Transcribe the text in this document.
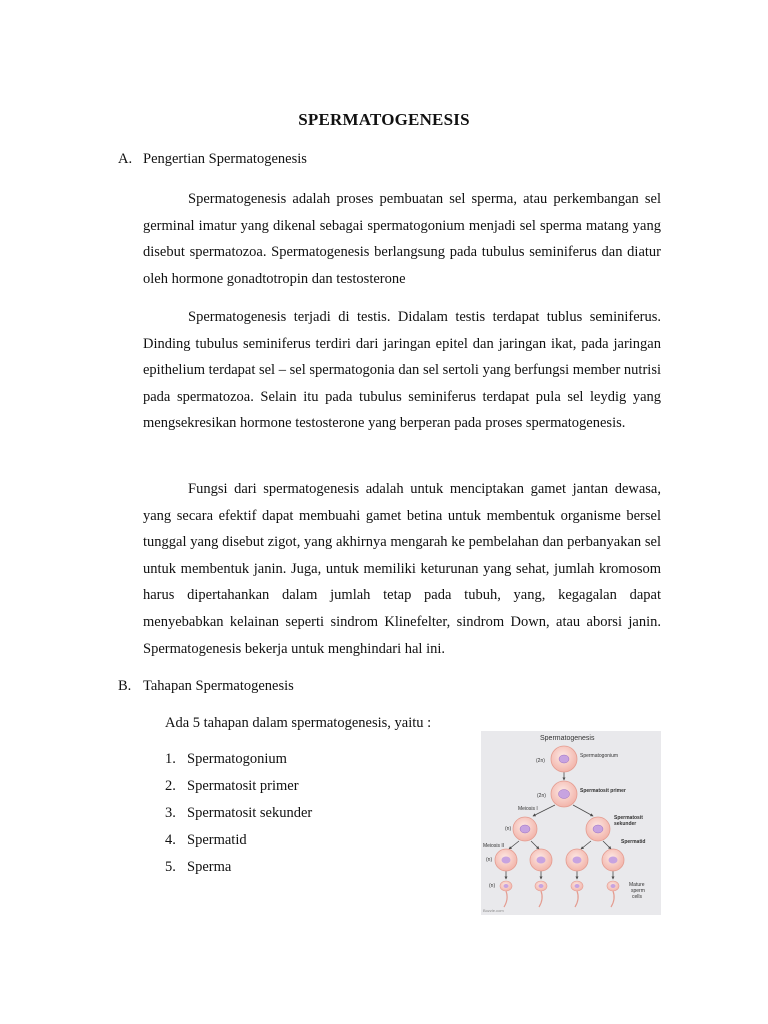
SPERMATOGENESIS
A. Pengertian Spermatogenesis

Spermatogenesis adalah proses pembuatan sel sperma, atau perkembangan sel germinal imatur yang dikenal sebagai spermatogonium menjadi sel sperma matang yang disebut spermatozoa. Spermatogenesis berlangsung pada tubulus seminiferus dan diatur oleh hormone gonadtotropin dan testosterone

Spermatogenesis terjadi di testis. Didalam testis terdapat tublus seminiferus. Dinding tubulus seminiferus terdiri dari jaringan epitel dan jaringan ikat, pada jaringan epithelium terdapat sel – sel spermatogonia dan sel sertoli yang berfungsi member nutrisi pada spermatozoa. Selain itu pada tubulus seminiferus terdapat pula sel leydig yang mengsekresikan hormone testosterone yang berperan pada proses spermatogenesis.

Fungsi dari spermatogenesis adalah untuk menciptakan gamet jantan dewasa, yang secara efektif dapat membuahi gamet betina untuk membentuk organisme bersel tunggal yang disebut zigot, yang akhirnya mengarah ke pembelahan dan perbanyakan sel untuk membentuk janin. Juga, untuk memiliki keturunan yang sehat, jumlah kromosom harus dipertahankan dalam jumlah tetap pada tubuh, yang, kegagalan dapat menyebabkan kelainan seperti sindrom Klinefelter, sindrom Down, atau aborsi janin. Spermatogenesis bekerja untuk menghindari hal ini.

B. Tahapan Spermatogenesis
Ada 5 tahapan dalam spermatogenesis, yaitu :
1. Spermatogonium
2. Spermatosit primer
3. Spermatosit sekunder
4. Spermatid
5. Sperma
Spermatogenesis
(2n)
Spermatogonium
(2n)
Spermatosit primer
Meiosis I
(n)
Spermatosit
sekunder
Meiosis II
Spermatid
(n)
(n)	Mature
sperm
cells
Bozzle.com
